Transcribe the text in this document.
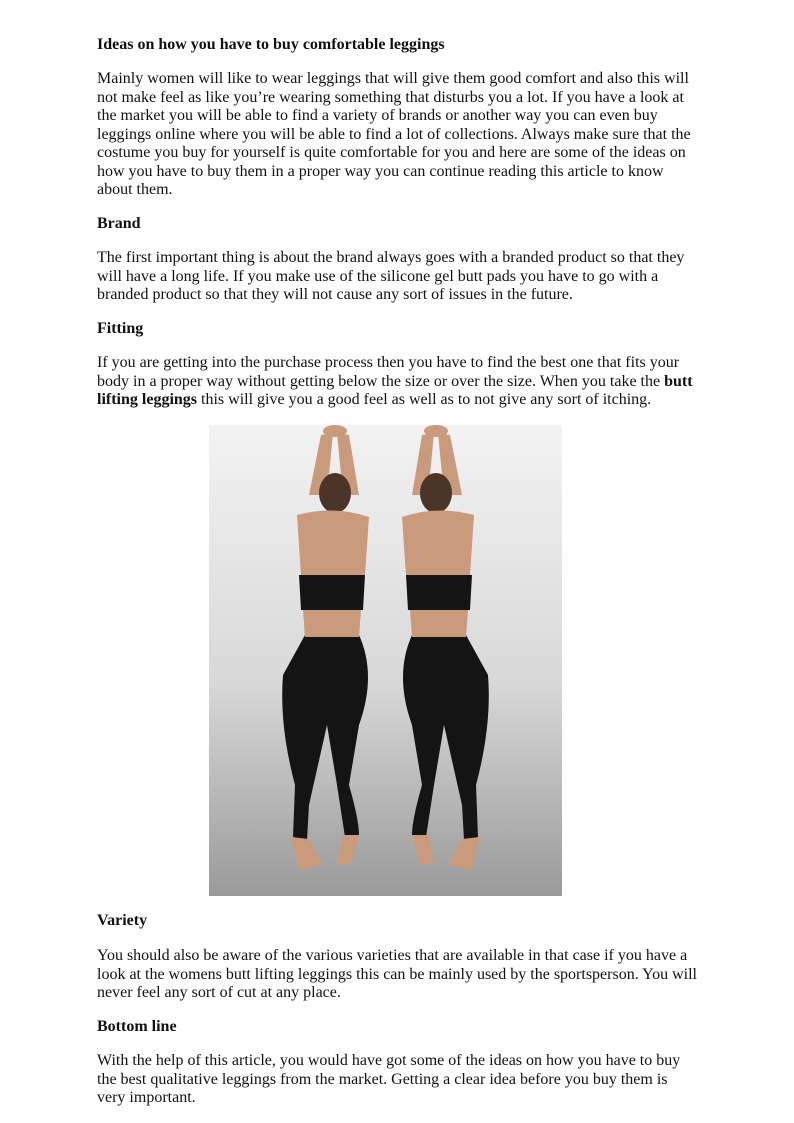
Ideas on how you have to buy comfortable leggings

Mainly women will like to wear leggings that will give them good comfort and also this will not make feel as like you’re wearing something that disturbs you a lot. If you have a look at the market you will be able to find a variety of brands or another way you can even buy leggings online where you will be able to find a lot of collections. Always make sure that the costume you buy for yourself is quite comfortable for you and here are some of the ideas on how you have to buy them in a proper way you can continue reading this article to know about them.

Brand

The first important thing is about the brand always goes with a branded product so that they will have a long life. If you make use of the silicone gel butt pads you have to go with a branded product so that they will not cause any sort of issues in the future.

Fitting

If you are getting into the purchase process then you have to find the best one that fits your body in a proper way without getting below the size or over the size. When you take the butt lifting leggings this will give you a good feel as well as to not give any sort of itching.

Variety

You should also be aware of the various varieties that are available in that case if you have a look at the womens butt lifting leggings this can be mainly used by the sportsperson. You will never feel any sort of cut at any place.

Bottom line

With the help of this article, you would have got some of the ideas on how you have to buy the best qualitative leggings from the market. Getting a clear idea before you buy them is very important.
